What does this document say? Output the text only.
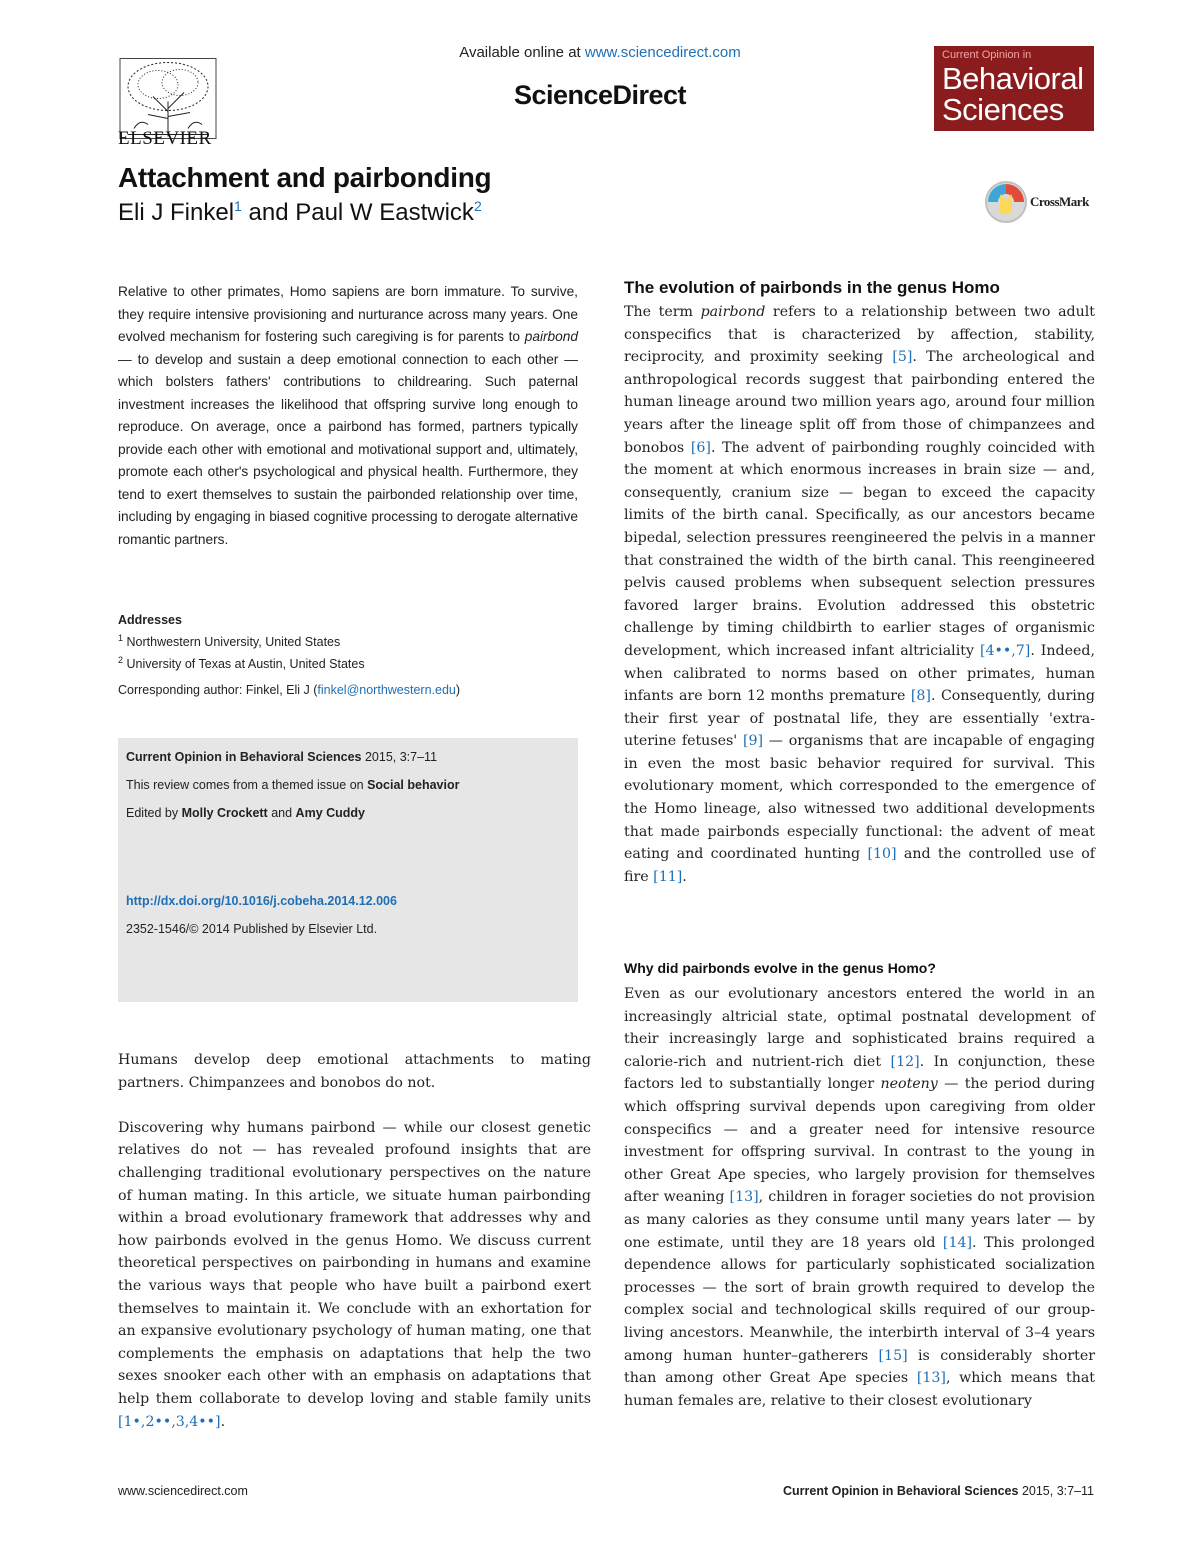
ELSEVIER
Available online at www.sciencedirect.com
ScienceDirect
Current Opinion in
Behavioral
Sciences
Attachment and pairbonding
Eli J Finkel$^1$ and Paul W Eastwick$^2$	CrossMark
Relative to other primates, Homo sapiens are born immature. To survive, they require intensive provisioning and nurturance across many years. One evolved mechanism for fostering such caregiving is for parents to pairbond — to develop and sustain a deep emotional connection to each other — which bolsters fathers' contributions to childrearing. Such paternal investment increases the likelihood that offspring survive long enough to reproduce. On average, once a pairbond has formed, partners typically provide each other with emotional and motivational support and, ultimately, promote each other's psychological and physical health. Furthermore, they tend to exert themselves to sustain the pairbonded relationship over time, including by engaging in biased cognitive processing to derogate alternative romantic partners.
Addresses
$^1$ Northwestern University, United States
$^2$ University of Texas at Austin, United States
Corresponding author: Finkel, Eli J (finkel@northwestern.edu)
Current Opinion in Behavioral Sciences 2015, 3:7–11
This review comes from a themed issue on Social behavior
Edited by Molly Crockett and Amy Cuddy
http://dx.doi.org/10.1016/j.cobeha.2014.12.006
2352-1546/© 2014 Published by Elsevier Ltd.

Humans develop deep emotional attachments to mating partners. Chimpanzees and bonobos do not.

Discovering why humans pairbond — while our closest genetic relatives do not — has revealed profound insights that are challenging traditional evolutionary perspectives on the nature of human mating. In this article, we situate human pairbonding within a broad evolutionary framework that addresses why and how pairbonds evolved in the genus Homo. We discuss current theoretical perspectives on pairbonding in humans and examine the various ways that people who have built a pairbond exert themselves to maintain it. We conclude with an exhortation for an expansive evolutionary psychology of human mating, one that complements the emphasis on adaptations that help the two sexes snooker each other with an emphasis on adaptations that help them collaborate to develop loving and stable family units [1•,2••,3,4••].

The evolution of pairbonds in the genus Homo
The term pairbond refers to a relationship between two adult conspecifics that is characterized by affection, stability, reciprocity, and proximity seeking [5]. The archeological and anthropological records suggest that pairbonding entered the human lineage around two million years ago, around four million years after the lineage split off from those of chimpanzees and bonobos [6]. The advent of pairbonding roughly coincided with the moment at which enormous increases in brain size — and, consequently, cranium size — began to exceed the capacity limits of the birth canal. Specifically, as our ancestors became bipedal, selection pressures reengineered the pelvis in a manner that constrained the width of the birth canal. This reengineered pelvis caused problems when subsequent selection pressures favored larger brains. Evolution addressed this obstetric challenge by timing childbirth to earlier stages of organismic development, which increased infant altriciality [4••,7]. Indeed, when calibrated to norms based on other primates, human infants are born 12 months premature [8]. Consequently, during their first year of postnatal life, they are essentially 'extra-uterine fetuses' [9] — organisms that are incapable of engaging in even the most basic behavior required for survival. This evolutionary moment, which corresponded to the emergence of the Homo lineage, also witnessed two additional developments that made pairbonds especially functional: the advent of meat eating and coordinated hunting [10] and the controlled use of fire [11].
Why did pairbonds evolve in the genus Homo?
Even as our evolutionary ancestors entered the world in an increasingly altricial state, optimal postnatal development of their increasingly large and sophisticated brains required a calorie-rich and nutrient-rich diet [12]. In conjunction, these factors led to substantially longer neoteny — the period during which offspring survival depends upon caregiving from older conspecifics — and a greater need for intensive resource investment for offspring survival. In contrast to the young in other Great Ape species, who largely provision for themselves after weaning [13], children in forager societies do not provision as many calories as they consume until many years later — by one estimate, until they are 18 years old [14]. This prolonged dependence allows for particularly sophisticated socialization processes — the sort of brain growth required to develop the complex social and technological skills required of our group-living ancestors. Meanwhile, the interbirth interval of 3–4 years among human hunter–gatherers [15] is considerably shorter than among other Great Ape species [13], which means that human females are, relative to their closest evolutionary
www.sciencedirect.com	Current Opinion in Behavioral Sciences 2015, 3:7–11
